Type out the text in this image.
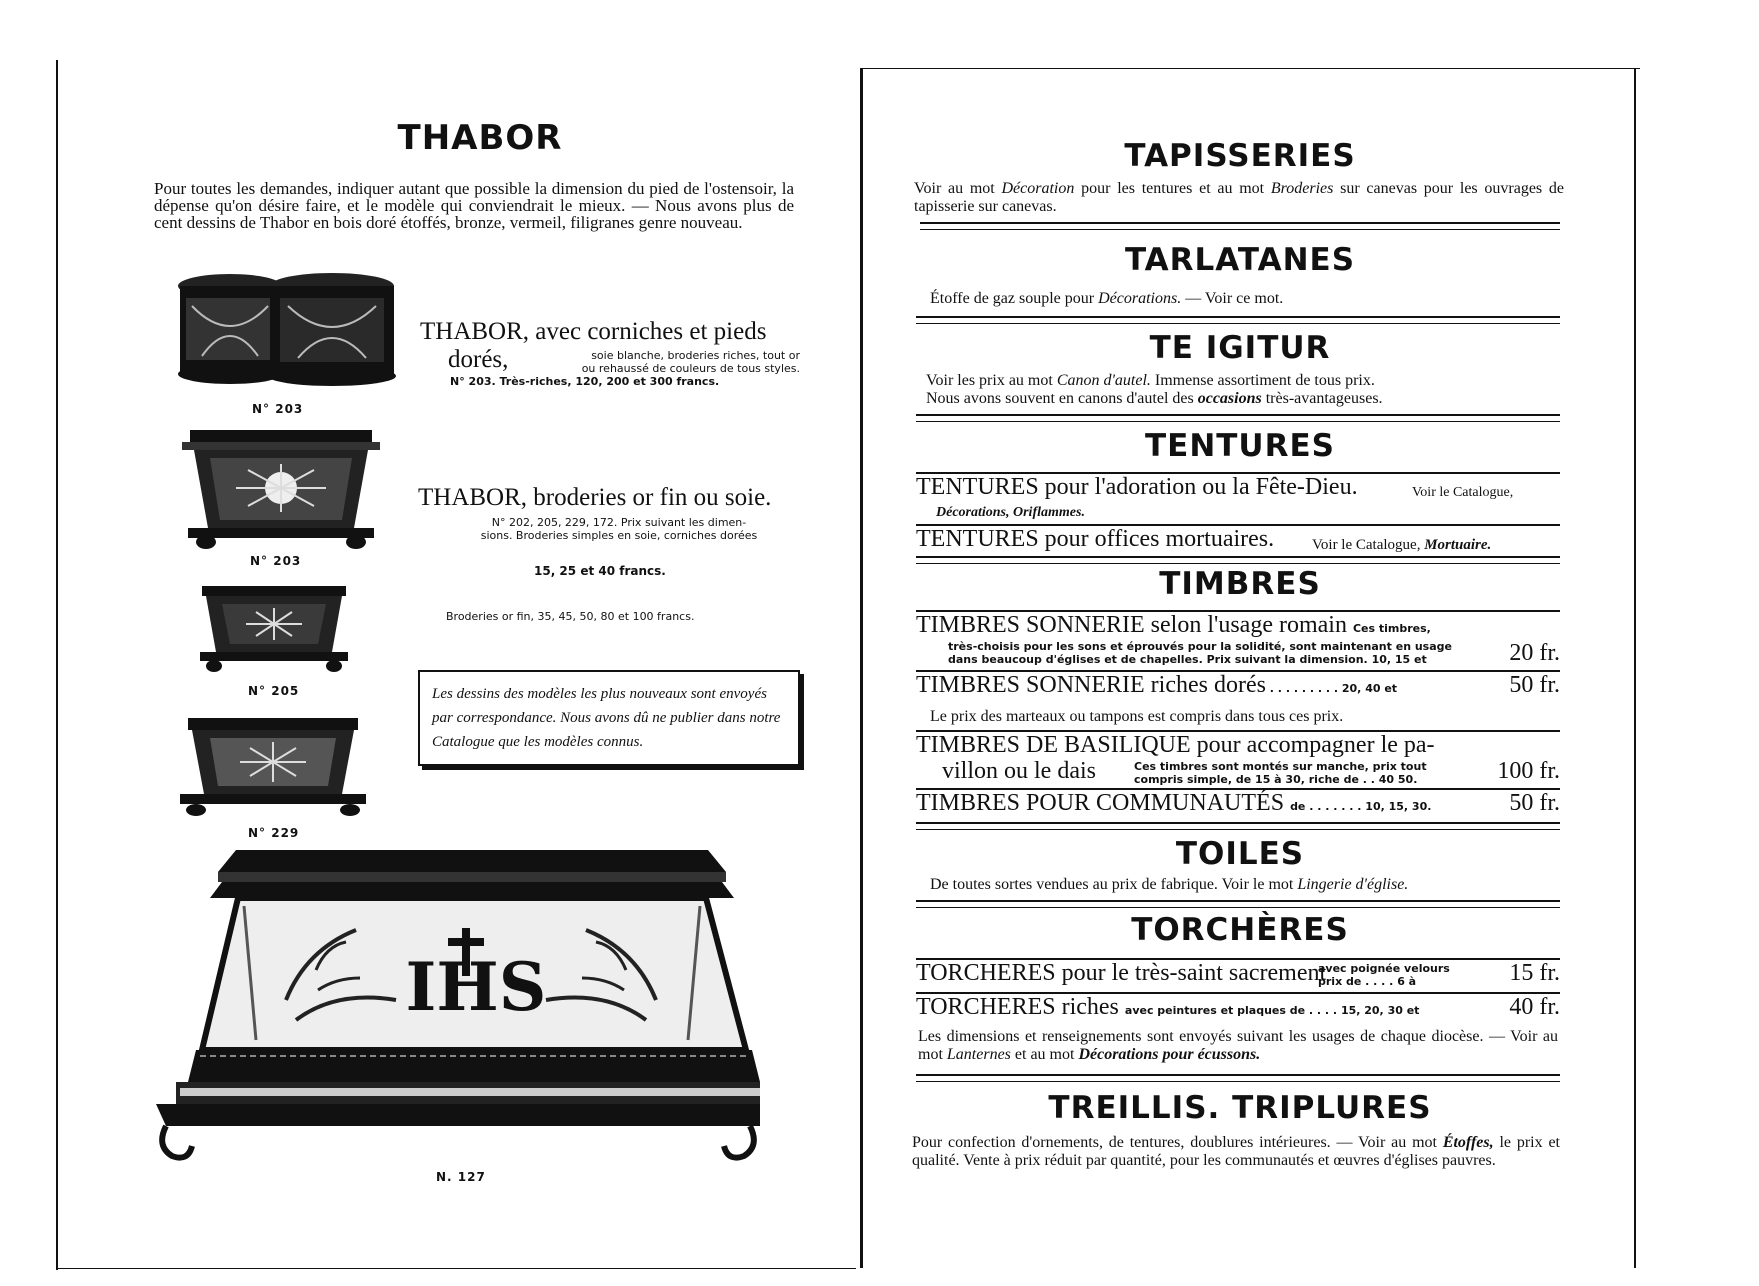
THABOR
Pour toutes les demandes, indiquer autant que possible la dimension du pied de l'ostensoir, la dépense qu'on désire faire, et le modèle qui conviendrait le mieux. — Nous avons plus de cent dessins de Thabor en bois doré étoffés, bronze, vermeil, filigranes genre nouveau.
N° 203
THABOR, avec corniches et pieds
dorés,	soie blanche, broderies riches, tout or
ou rehaussé de couleurs de tous styles.
N° 203. Très-riches, 120, 200 et 300 francs.
N° 203
THABOR, broderies or fin ou soie.
N° 202, 205, 229, 172. Prix suivant les dimen-
sions. Broderies simples en soie, corniches dorées
15, 25 et 40 francs.
Broderies or fin, 35, 45, 50, 80 et 100 francs.
N° 205
N° 229
Les dessins des modèles les plus nouveaux sont envoyés par correspondance. Nous avons dû ne publier dans notre Catalogue que les modèles connus.
IHS
N. 127
TAPISSERIES
Voir au mot Décoration pour les tentures et au mot Broderies sur canevas pour les ouvrages de tapisserie sur canevas.
TARLATANES
Étoffe de gaz souple pour Décorations. — Voir ce mot.
TE IGITUR
Voir les prix au mot Canon d'autel. Immense assortiment de tous prix.
Nous avons souvent en canons d'autel des occasions très-avantageuses.
TENTURES
TENTURES pour l'adoration ou la Fête-Dieu.	Voir le Catalogue,
Décorations, Oriflammes.
TENTURES pour offices mortuaires.	Voir le Catalogue, Mortuaire.
TIMBRES
TIMBRES SONNERIE selon l'usage romain Ces timbres,
très-choisis pour les sons et éprouvés pour la solidité, sont maintenant en usage
dans beaucoup d'églises et de chapelles. Prix suivant la dimension. 10, 15 et	20 fr.
TIMBRES SONNERIE riches dorés . . . . . . . . . 20, 40 et	50 fr.
Le prix des marteaux ou tampons est compris dans tous ces prix.
TIMBRES DE BASILIQUE pour accompagner le pa-
villon ou le dais	Ces timbres sont montés sur manche, prix tout
compris simple, de 15 à 30, riche de . . 40 50.	100 fr.
TIMBRES POUR COMMUNAUTÉS de . . . . . . . 10, 15, 30.	50 fr.
TOILES
De toutes sortes vendues au prix de fabrique. Voir le mot Lingerie d'église.
TORCHÈRES
TORCHERES pour le très-saint sacrement
avec poignée velours
prix de . . . . 6 à	15 fr.
TORCHERES riches avec peintures et plaques de . . . . 15, 20, 30 et	40 fr.
Les dimensions et renseignements sont envoyés suivant les usages de chaque diocèse. — Voir au mot Lanternes et au mot Décorations pour écussons.
TREILLIS. TRIPLURES
Pour confection d'ornements, de tentures, doublures intérieures. — Voir au mot Étoffes, le prix et qualité. Vente à prix réduit par quantité, pour les communautés et œuvres d'églises pauvres.
